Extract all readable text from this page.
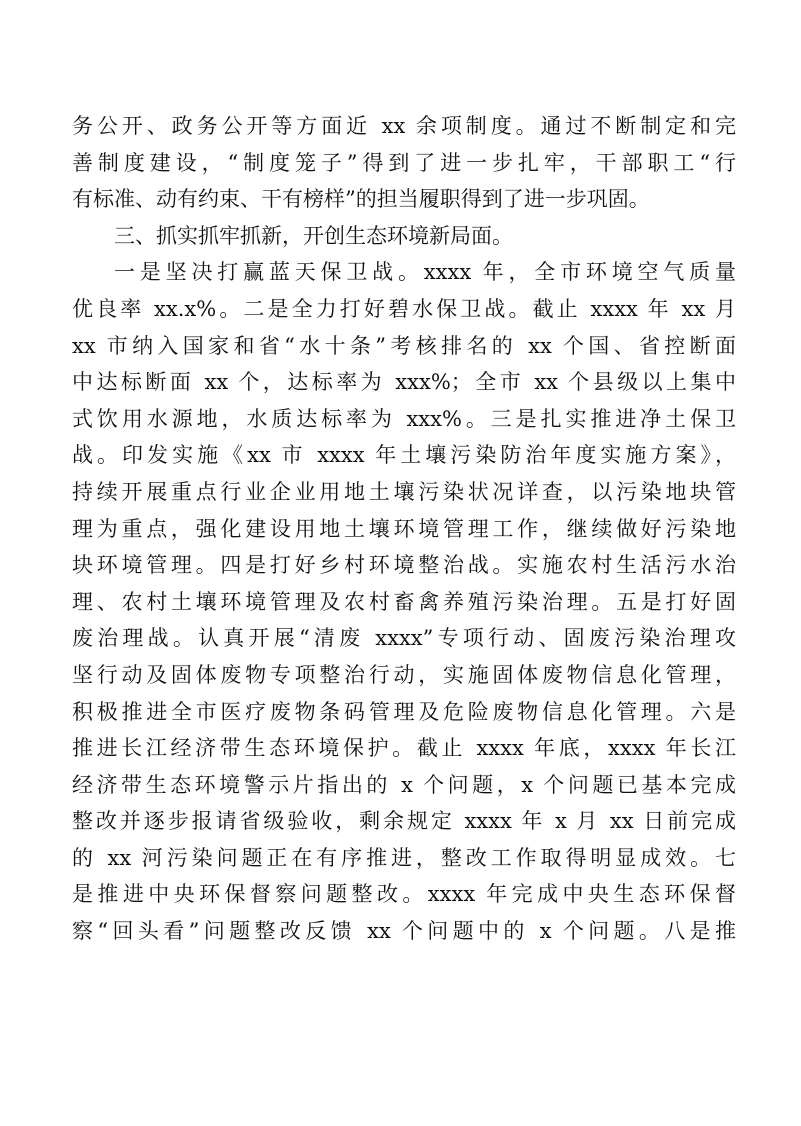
务公开、政务公开等方面近 xx 余项制度。通过不断制定和完
善制度建设，“制度笼子”得到了进一步扎牢，干部职工“行
有标准、动有约束、干有榜样”的担当履职得到了进一步巩固。
三、抓实抓牢抓新，开创生态环境新局面。
一是坚决打赢蓝天保卫战。xxxx 年，全市环境空气质量
优良率 xx.x%。二是全力打好碧水保卫战。截止 xxxx 年 xx 月
xx 市纳入国家和省“水十条”考核排名的 xx 个国、省控断面
中达标断面 xx 个，达标率为 xxx%；全市 xx 个县级以上集中
式饮用水源地，水质达标率为 xxx%。三是扎实推进净土保卫
战。印发实施《xx 市 xxxx 年土壤污染防治年度实施方案》，
持续开展重点行业企业用地土壤污染状况详查，以污染地块管
理为重点，强化建设用地土壤环境管理工作，继续做好污染地
块环境管理。四是打好乡村环境整治战。实施农村生活污水治
理、农村土壤环境管理及农村畜禽养殖污染治理。五是打好固
废治理战。认真开展“清废 xxxx”专项行动、固废污染治理攻
坚行动及固体废物专项整治行动，实施固体废物信息化管理，
积极推进全市医疗废物条码管理及危险废物信息化管理。六是
推进长江经济带生态环境保护。截止 xxxx 年底，xxxx 年长江
经济带生态环境警示片指出的 x 个问题，x 个问题已基本完成
整改并逐步报请省级验收，剩余规定 xxxx 年 x 月 xx 日前完成
的 xx 河污染问题正在有序推进，整改工作取得明显成效。七
是推进中央环保督察问题整改。xxxx 年完成中央生态环保督
察“回头看”问题整改反馈 xx 个问题中的 x 个问题。八是推
